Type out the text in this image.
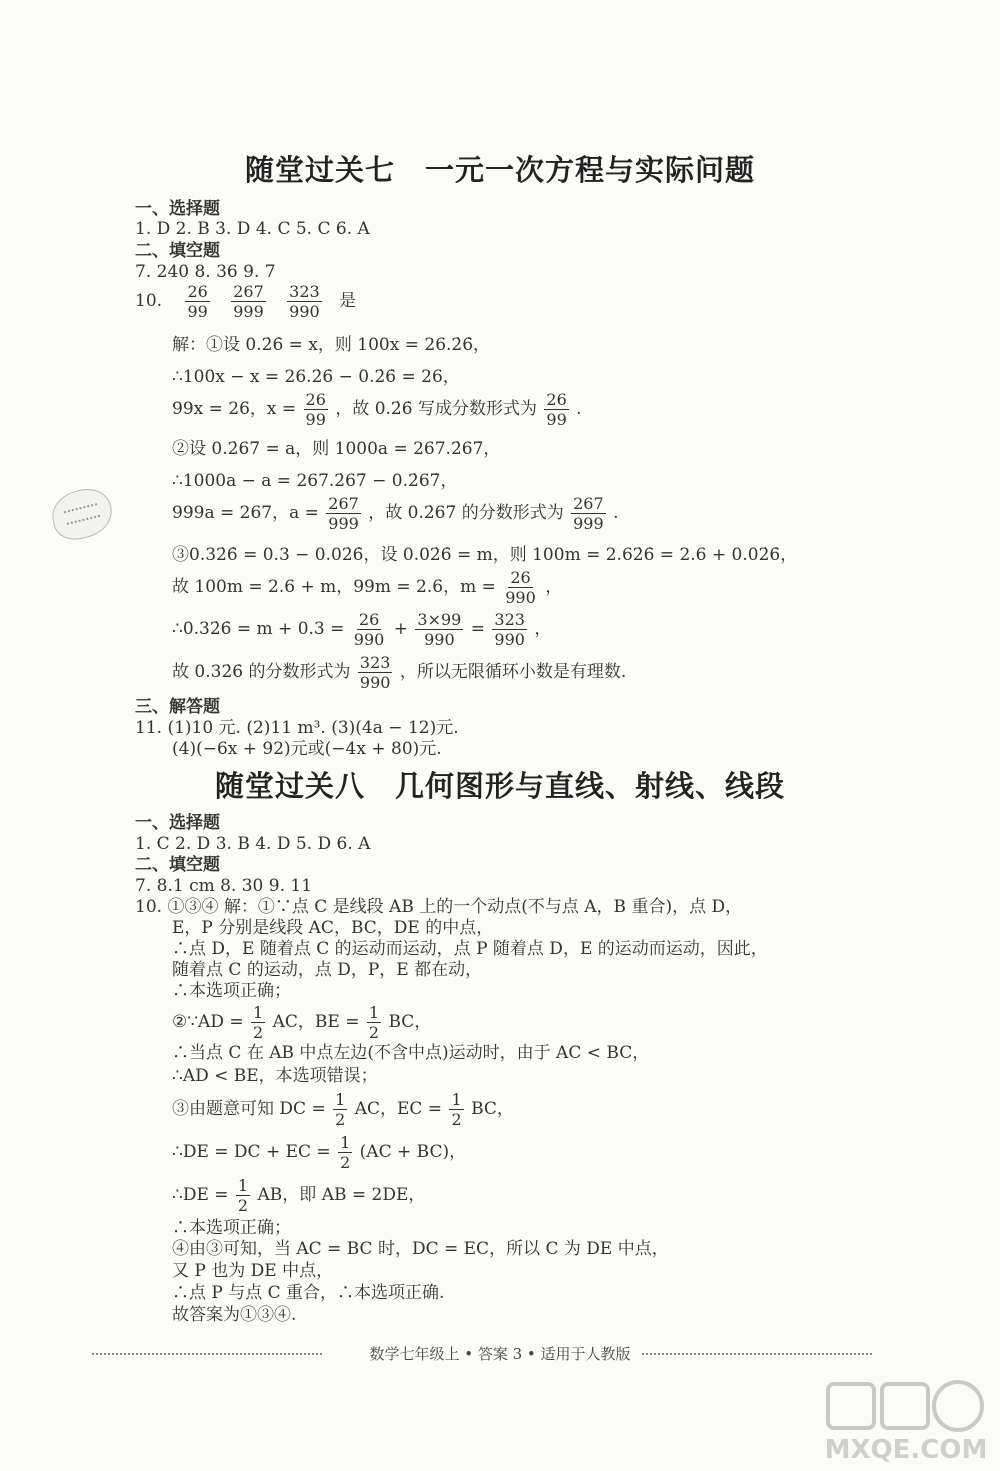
随堂过关七　一元一次方程与实际问题
一、选择题
1. D 2. B 3. D 4. C 5. C 6. A
二、填空题
7. 240 8. 36 9. 7
10. $\frac{26}{99}$
$\frac{267}{999}$
$\frac{323}{990}$ 是
解：①设 0.2̇6̇ = x，则 100x = 26.2̇6̇，
∴100x − x = 26.2̇6̇ − 0.2̇6̇ = 26，
99x = 26，$x = \frac{26}{99}$ ，故 0.2̇6̇ 写成分数形式为 $\frac{26}{99}$ .
②设 0.2̇67̇ = a，则 1000a = 267.2̇67̇，
∴1000a − a = 267.2̇67̇ − 0.2̇67̇，
999a = 267，$a = \frac{267}{999}$ ，故 0.2̇67̇ 的分数形式为 $\frac{267}{999}$ .
③0.32̇6̇ = 0.3 − 0.02̇6̇，设 0.02̇6̇ = m，则 100m = 2.62̇6̇ = 2.6 + 0.02̇6̇，
故 100m = 2.6 + m，99m = 2.6，$m = \frac{26}{990}$ ，
∴0.32̇6̇ = $m + 0.3 = \frac{26}{990} + \frac{3\times 99}{990} = \frac{323}{990}$ ，
故 0.32̇6̇ 的分数形式为 $\frac{323}{990}$ ，所以无限循环小数是有理数.
三、解答题
11. (1)10 元. (2)11 m³. (3)(4a − 12)元.
(4)(−6x + 92)元或(−4x + 80)元.
随堂过关八　几何图形与直线、射线、线段
一、选择题
1. C 2. D 3. B 4. D 5. D 6. A
二、填空题
7. 8.1 cm 8. 30 9. 11
10. ①③④ 解：①∵点 C 是线段 AB 上的一个动点(不与点 A，B 重合)，点 D，
E，P 分别是线段 AC，BC，DE 的中点，
∴点 D，E 随着点 C 的运动而运动，点 P 随着点 D，E 的运动而运动，因此，
随着点 C 的运动，点 D，P，E 都在动，
∴本选项正确；
②∵AD = $\frac{1}{2}$ AC，BE = $\frac{1}{2}$ BC，
∴当点 C 在 AB 中点左边(不含中点)运动时，由于 AC < BC，
∴AD < BE，本选项错误；
③由题意可知 DC = $\frac{1}{2}$ AC，EC = $\frac{1}{2}$ BC，
∴DE = DC + EC = $\frac{1}{2} (AC + BC)$，
∴DE = $\frac{1}{2}$ AB，即 AB = 2DE，
∴本选项正确；
④由③可知，当 AC = BC 时，DC = EC，所以 C 为 DE 中点，
又 P 也为 DE 中点，
∴点 P 与点 C 重合，∴本选项正确.
故答案为①③④.
数学七年级上 • 答案 3 • 适用于人教版
MXQE.COM
